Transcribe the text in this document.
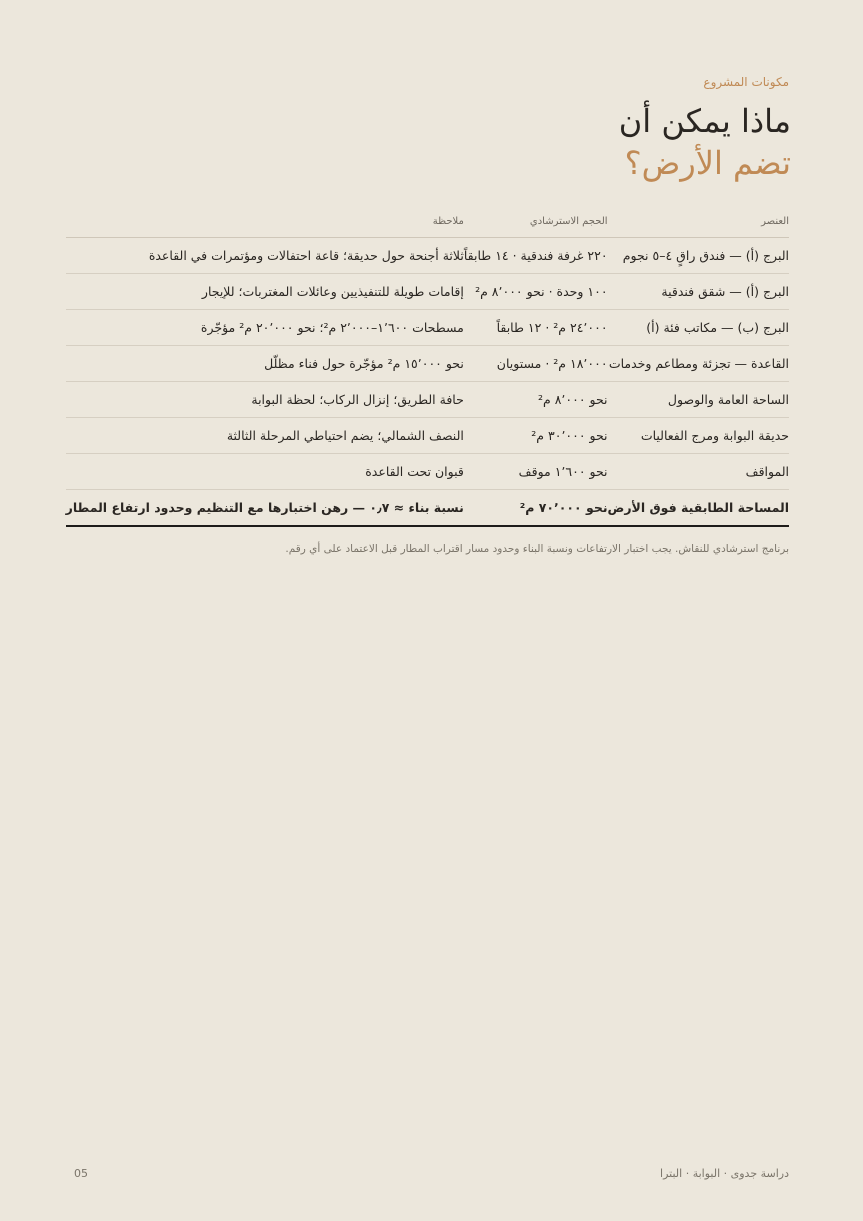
مكونات المشروع
ماذا يمكن أن
تضم الأرض؟
العنصر	الحجم الاسترشادي	ملاحظة
البرج (أ) — فندق راقٍ ٤–٥ نجوم	٢٢٠ غرفة فندقية · ١٤ طابقاً	ثلاثة أجنحة حول حديقة؛ قاعة احتفالات ومؤتمرات في القاعدة
البرج (أ) — شقق فندقية	١٠٠ وحدة · نحو ٨٬٠٠٠ م²	إقامات طويلة للتنفيذيين وعائلات المغتربات؛ للإيجار
البرج (ب) — مكاتب فئة (أ)	٢٤٬٠٠٠ م² · ١٢ طابقاً	مسطحات ١٬٦٠٠–٢٬٠٠٠ م²؛ نحو ٢٠٬٠٠٠ م² مؤجّرة
القاعدة — تجزئة ومطاعم وخدمات	١٨٬٠٠٠ م² · مستويان	نحو ١٥٬٠٠٠ م² مؤجّرة حول فناء مظلّل
الساحة العامة والوصول	نحو ٨٬٠٠٠ م²	حافة الطريق؛ إنزال الركاب؛ لحظة البوابة
حديقة البوابة ومرج الفعاليات	نحو ٣٠٬٠٠٠ م²	النصف الشمالي؛ يضم احتياطي المرحلة الثالثة
المواقف	نحو ١٬٦٠٠ موقف	قبوان تحت القاعدة
المساحة الطابقية فوق الأرض	نحو ٧٠٬٠٠٠ م²	نسبة بناء ≈ ٠٫٧ — رهن اختبارها مع التنظيم وحدود ارتفاع المطار
برنامج استرشادي للنقاش. يجب اختبار الارتفاعات ونسبة البناء وحدود مسار اقتراب المطار قبل الاعتماد على أي رقم.
دراسة جدوى · البوابة · البترا
05
